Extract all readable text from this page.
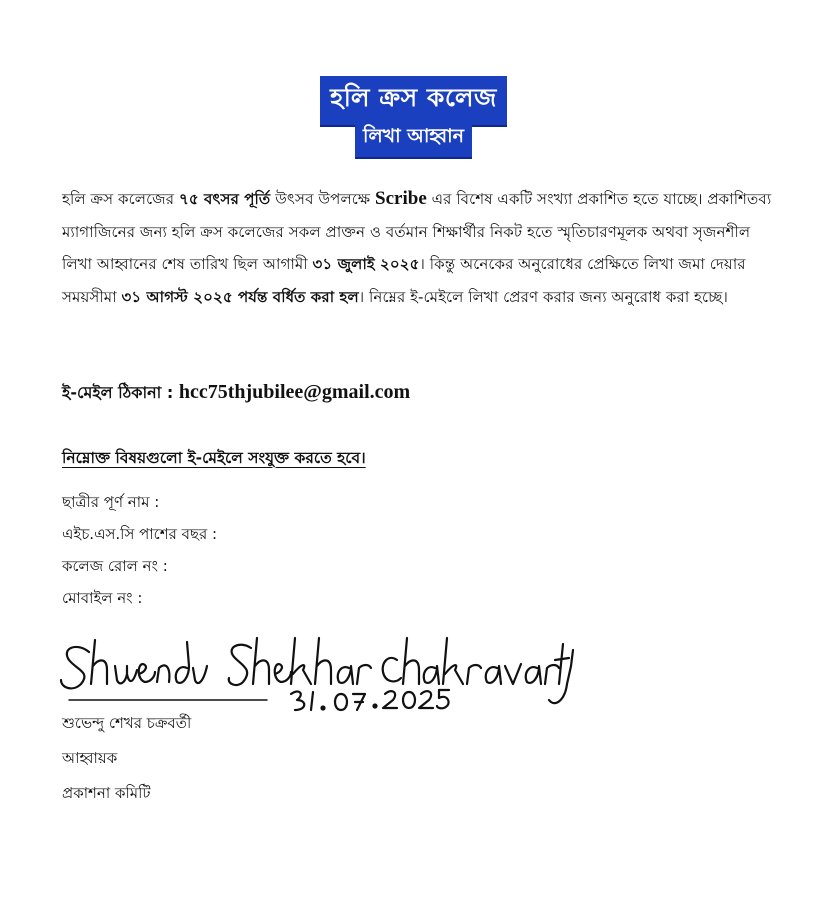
হলি ক্রস কলেজ
লিখা আহ্বান
হলি ক্রস কলেজের ৭৫ বৎসর পূর্তি উৎসব উপলক্ষে Scribe এর বিশেষ একটি সংখ্যা প্রকাশিত হতে যাচ্ছে। প্রকাশিতব্য ম্যাগাজিনের জন্য হলি ক্রস কলেজের সকল প্রাক্তন ও বর্তমান শিক্ষার্থীর নিকট হতে স্মৃতিচারণমূলক অথবা সৃজনশীল লিখা আহ্বানের শেষ তারিখ ছিল আগামী ৩১ জুলাই ২০২৫। কিন্তু অনেকের অনুরোধের প্রেক্ষিতে লিখা জমা দেয়ার সময়সীমা ৩১ আগস্ট ২০২৫ পর্যন্ত বর্ধিত করা হল। নিম্নের ই-মেইলে লিখা প্রেরণ করার জন্য অনুরোধ করা হচ্ছে।
ই-মেইল ঠিকানা : hcc75thjubilee@gmail.com
নিম্নোক্ত বিষয়গুলো ই-মেইলে সংযুক্ত করতে হবে।
ছাত্রীর পূর্ণ নাম :
এইচ.এস.সি পাশের বছর :
কলেজ রোল নং :
মোবাইল নং :
শুভেন্দু শেখর চক্রবর্তী
আহ্বায়ক
প্রকাশনা কমিটি
